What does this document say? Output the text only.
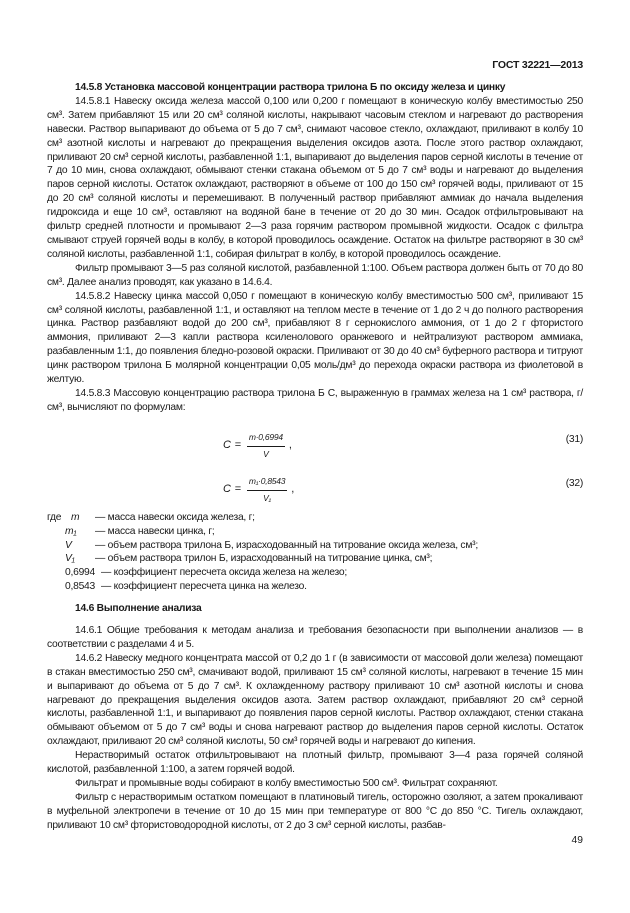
ГОСТ 32221—2013

14.5.8 Установка массовой концентрации раствора трилона Б по оксиду железа и цинку

14.5.8.1 Навеску оксида железа массой 0,100 или 0,200 г помещают в коническую колбу вместимостью 250 см³. Затем прибавляют 15 или 20 см³ соляной кислоты, накрывают часовым стеклом и нагревают до растворения навески. Раствор выпаривают до объема от 5 до 7 см³, снимают часовое стекло, охлаждают, приливают в колбу 10 см³ азотной кислоты и нагревают до прекращения выделения оксидов азота. После этого раствор охлаждают, приливают 20 см³ серной кислоты, разбавленной 1:1, выпаривают до выделения паров серной кислоты в течение от 7 до 10 мин, снова охлаждают, обмывают стенки стакана объемом от 5 до 7 см³ воды и нагревают до выделения паров серной кислоты. Остаток охлаждают, растворяют в объеме от 100 до 150 см³ горячей воды, приливают от 15 до 20 см³ соляной кислоты и перемешивают. В полученный раствор прибавляют аммиак до начала выделения гидроксида и еще 10 см³, оставляют на водяной бане в течение от 20 до 30 мин. Осадок отфильтровывают на фильтр средней плотности и промывают 2—3 раза горячим раствором промывной жидкости. Осадок с фильтра смывают струей горячей воды в колбу, в которой проводилось осаждение. Остаток на фильтре растворяют в 30 см³ соляной кислоты, разбавленной 1:1, собирая фильтрат в колбу, в которой проводилось осаждение.

Фильтр промывают 3—5 раз соляной кислотой, разбавленной 1:100. Объем раствора должен быть от 70 до 80 см³. Далее анализ проводят, как указано в 14.6.4.

14.5.8.2 Навеску цинка массой 0,050 г помещают в коническую колбу вместимостью 500 см³, приливают 15 см³ соляной кислоты, разбавленной 1:1, и оставляют на теплом месте в течение от 1 до 2 ч до полного растворения цинка. Раствор разбавляют водой до 200 см³, прибавляют 8 г сернокислого аммония, от 1 до 2 г фтористого аммония, приливают 2—3 капли раствора ксиленолового оранжевого и нейтрализуют раствором аммиака, разбавленным 1:1, до появления бледно-розовой окраски. Приливают от 30 до 40 см³ буферного раствора и титруют цинк раствором трилона Б молярной концентрации 0,05 моль/дм³ до перехода окраски раствора из фиолетовой в желтую.

14.5.8.3 Массовую концентрацию раствора трилона Б C, выраженную в граммах железа на 1 см³ раствора, г/см³, вычисляют по формулам:

$C = \frac{m\cdot 0,6994}{V}$ ,	(31)
$C = \frac{\text{m₁·0,8543}}{\text{V₁}}$ ,	(32)
где m — масса навески оксида железа, г;
m₁ — масса навески цинка, г;
V — объем раствора трилона Б, израсходованный на титрование оксида железа, см³;
V₁ — объем раствора трилон Б, израсходованный на титрование цинка, см³;
0,6994 — коэффициент пересчета оксида железа на железо;
0,8543 — коэффициент пересчета цинка на железо.

14.6 Выполнение анализа

14.6.1 Общие требования к методам анализа и требования безопасности при выполнении анализов — в соответствии с разделами 4 и 5.

14.6.2 Навеску медного концентрата массой от 0,2 до 1 г (в зависимости от массовой доли железа) помещают в стакан вместимостью 250 см³, смачивают водой, приливают 15 см³ соляной кислоты, нагревают в течение 15 мин и выпаривают до объема от 5 до 7 см³. К охлажденному раствору приливают 10 см³ азотной кислоты и снова нагревают до прекращения выделения оксидов азота. Затем раствор охлаждают, прибавляют 20 см³ серной кислоты, разбавленной 1:1, и выпаривают до появления паров серной кислоты. Раствор охлаждают, стенки стакана обмывают объемом от 5 до 7 см³ воды и снова нагревают раствор до выделения паров серной кислоты. Остаток охлаждают, приливают 20 см³ соляной кислоты, 50 см³ горячей воды и нагревают до кипения.

Нерастворимый остаток отфильтровывают на плотный фильтр, промывают 3—4 раза горячей соляной кислотой, разбавленной 1:100, а затем горячей водой.

Фильтрат и промывные воды собирают в колбу вместимостью 500 см³. Фильтрат сохраняют.

Фильтр с нерастворимым остатком помещают в платиновый тигель, осторожно озоляют, а затем прокаливают в муфельной электропечи в течение от 10 до 15 мин при температуре от 800 °С до 850 °С. Тигель охлаждают, приливают 10 см³ фтористоводородной кислоты, от 2 до 3 см³ серной кислоты, разбав-

49
